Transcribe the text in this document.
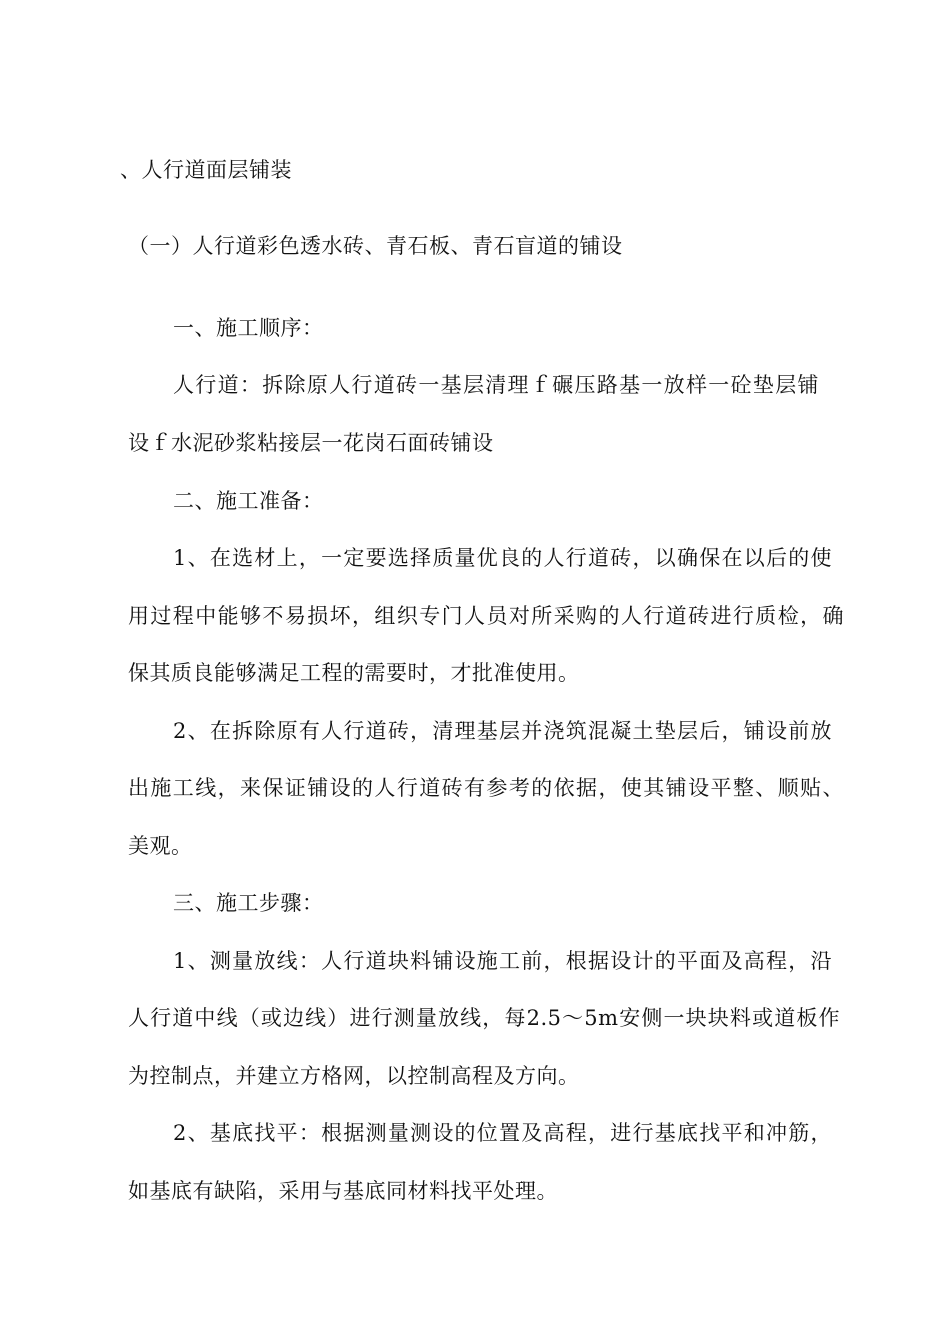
、人行道面层铺装
（一）人行道彩色透水砖、青石板、青石盲道的铺设
一、施工顺序：
人行道：拆除原人行道砖一基层清理ｆ碾压路基一放样一砼垫层铺
设ｆ水泥砂浆粘接层一花岗石面砖铺设
二、施工准备：
1、在选材上，一定要选择质量优良的人行道砖，以确保在以后的使
用过程中能够不易损坏，组织专门人员对所采购的人行道砖进行质检，确
保其质良能够满足工程的需要时，才批准使用。
2、在拆除原有人行道砖，清理基层并浇筑混凝土垫层后，铺设前放
出施工线，来保证铺设的人行道砖有参考的依据，使其铺设平整、顺贴、
美观。
三、施工步骤：
1、测量放线：人行道块料铺设施工前，根据设计的平面及高程，沿
人行道中线（或边线）进行测量放线，每2.5～5m安侧一块块料或道板作
为控制点，并建立方格网，以控制高程及方向。
2、基底找平：根据测量测设的位置及高程，进行基底找平和冲筋，
如基底有缺陷，采用与基底同材料找平处理。
